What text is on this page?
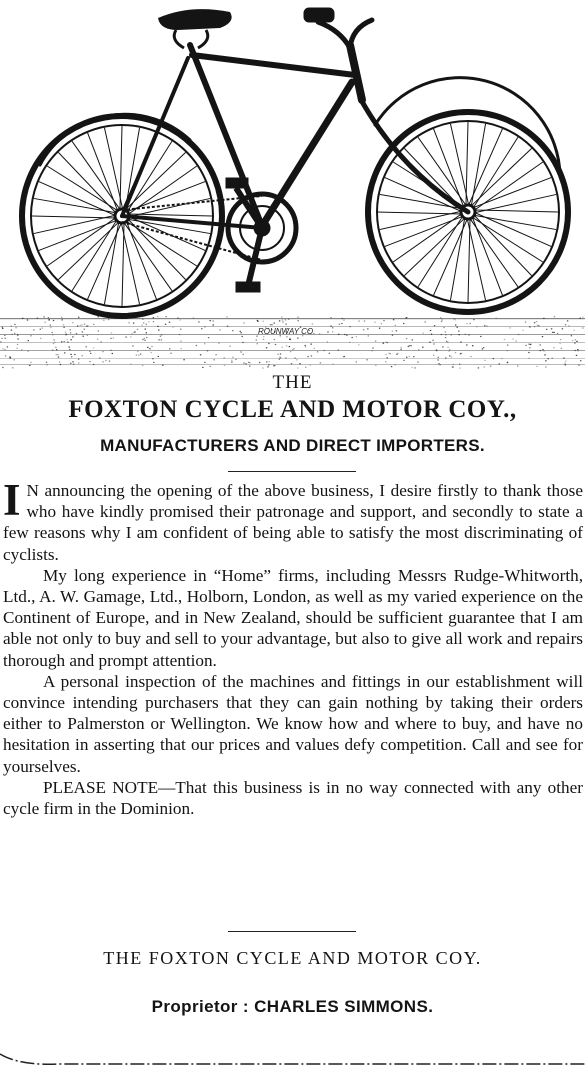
ROUNWAY CO.
THE
FOXTON CYCLE AND MOTOR COY.,
MANUFACTURERS AND DIRECT IMPORTERS.

I N announcing the opening of the above business, I desire firstly to thank those who have kindly promised their patronage and support, and secondly to state a few reasons why I am confident of being able to satisfy the most discriminating of cyclists.

My long experience in “Home” firms, including Messrs Rudge-Whitworth, Ltd., A. W. Gamage, Ltd., Holborn, London, as well as my varied experience on the Continent of Europe, and in New Zealand, should be sufficient guarantee that I am able not only to buy and sell to your advantage, but also to give all work and repairs thorough and prompt attention.

A personal inspection of the machines and fittings in our establishment will convince intending purchasers that they can gain nothing by taking their orders either to Palmerston or Wellington. We know how and where to buy, and have no hesitation in asserting that our prices and values defy competition. Call and see for yourselves.

PLEASE NOTE—That this business is in no way connected with any other cycle firm in the Dominion.

THE FOXTON CYCLE AND MOTOR COY.
Proprietor : CHARLES SIMMONS.
